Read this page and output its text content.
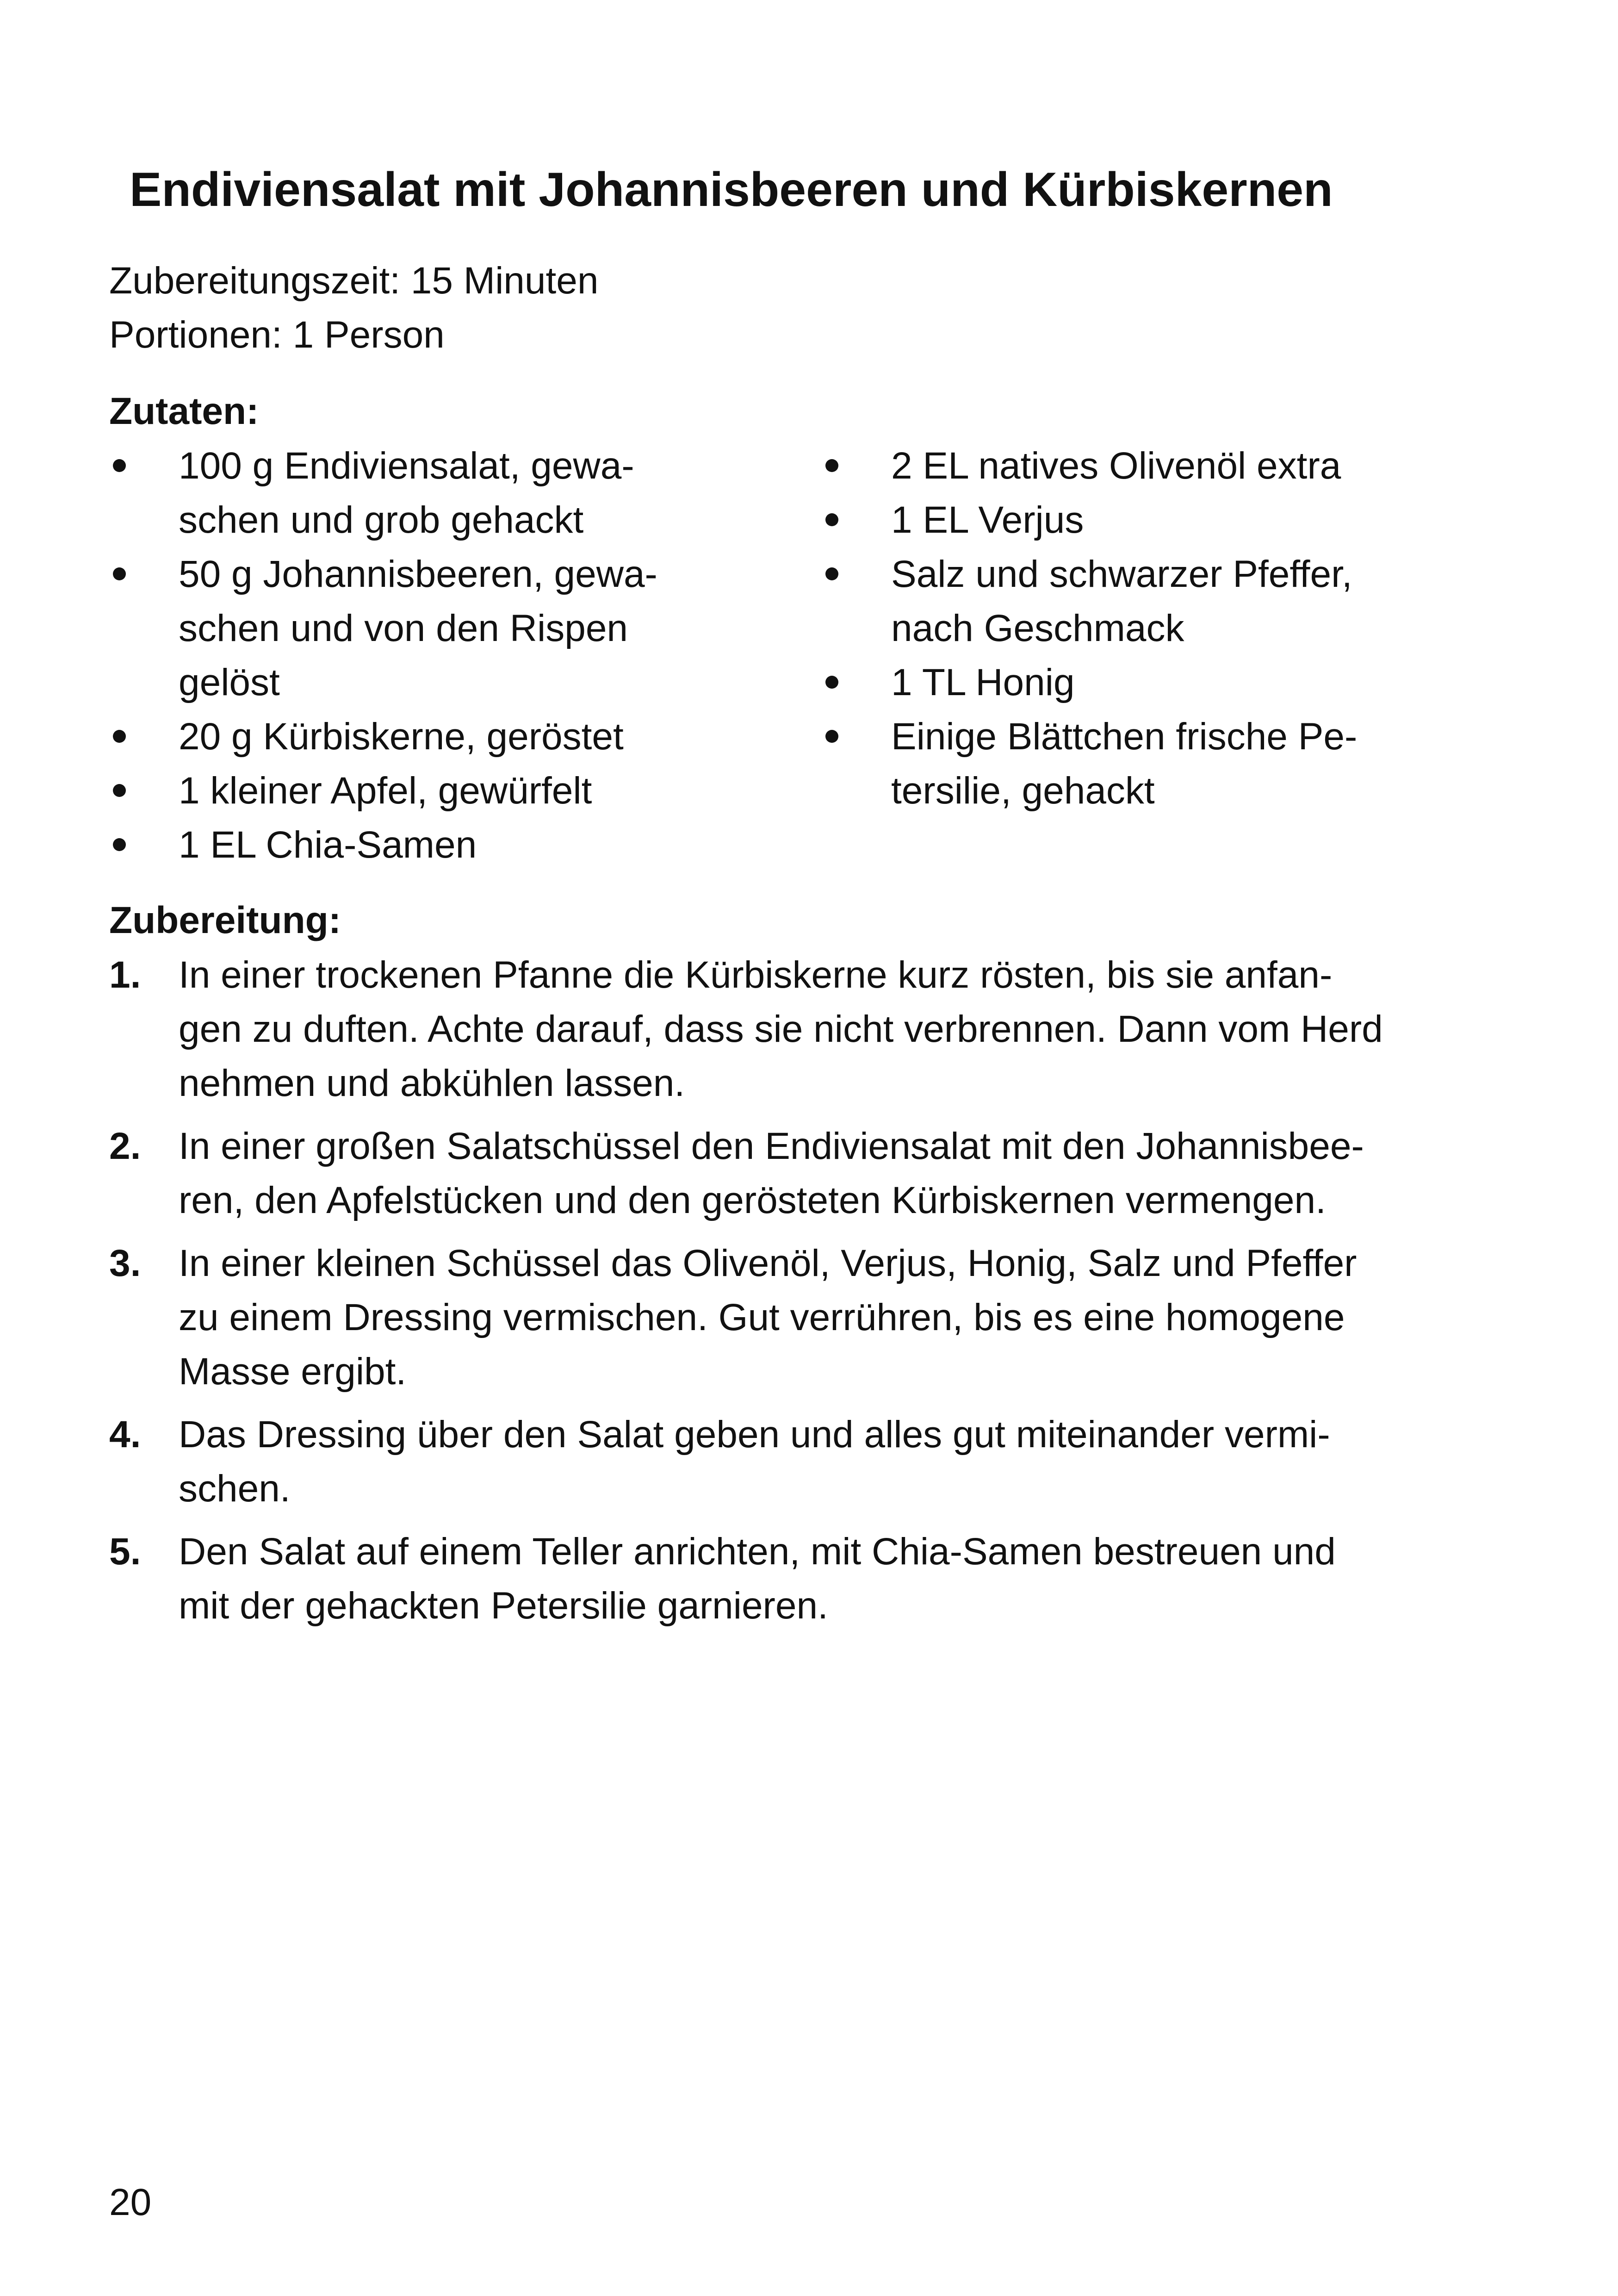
Endiviensalat mit Johannisbeeren und Kürbiskernen
Zubereitungszeit: 15 Minuten
Portionen: 1 Person
Zutaten:
100 g Endiviensalat, gewa-
schen und grob gehackt
50 g Johannisbeeren, gewa-
schen und von den Rispen
gelöst
20 g Kürbiskerne, geröstet
1 kleiner Apfel, gewürfelt
1 EL Chia-Samen
2 EL natives Olivenöl extra
1 EL Verjus
Salz und schwarzer Pfeffer,
nach Geschmack
1 TL Honig
Einige Blättchen frische Pe-
tersilie, gehackt
Zubereitung:
1. In einer trockenen Pfanne die Kürbiskerne kurz rösten, bis sie anfan-
gen zu duften. Achte darauf, dass sie nicht verbrennen. Dann vom Herd
nehmen und abkühlen lassen.
2. In einer großen Salatschüssel den Endiviensalat mit den Johannisbee-
ren, den Apfelstücken und den gerösteten Kürbiskernen vermengen.
3. In einer kleinen Schüssel das Olivenöl, Verjus, Honig, Salz und Pfeffer
zu einem Dressing vermischen. Gut verrühren, bis es eine homogene
Masse ergibt.
4. Das Dressing über den Salat geben und alles gut miteinander vermi-
schen.
5. Den Salat auf einem Teller anrichten, mit Chia-Samen bestreuen und
mit der gehackten Petersilie garnieren.
20
